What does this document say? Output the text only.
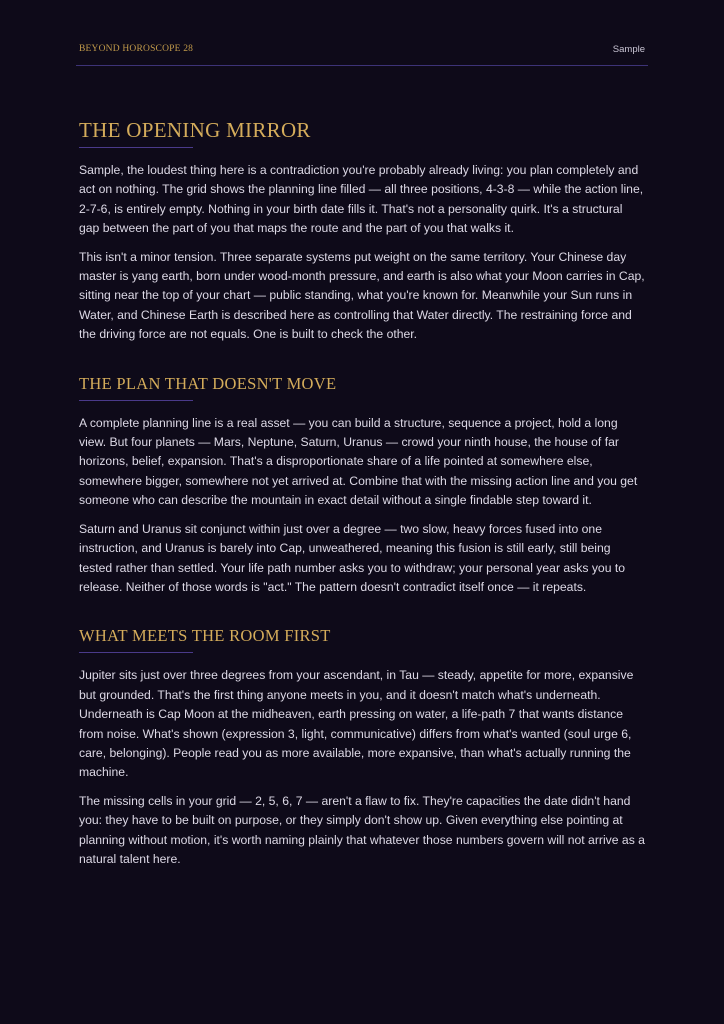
BEYOND HOROSCOPE 28	Sample
THE OPENING MIRROR

Sample, the loudest thing here is a contradiction you're probably already living: you plan completely and act on nothing. The grid shows the planning line filled — all three positions, 4-3-8 — while the action line, 2-7-6, is entirely empty. Nothing in your birth date fills it. That's not a personality quirk. It's a structural gap between the part of you that maps the route and the part of you that walks it.

This isn't a minor tension. Three separate systems put weight on the same territory. Your Chinese day master is yang earth, born under wood-month pressure, and earth is also what your Moon carries in Cap, sitting near the top of your chart — public standing, what you're known for. Meanwhile your Sun runs in Water, and Chinese Earth is described here as controlling that Water directly. The restraining force and the driving force are not equals. One is built to check the other.

THE PLAN THAT DOESN'T MOVE

A complete planning line is a real asset — you can build a structure, sequence a project, hold a long view. But four planets — Mars, Neptune, Saturn, Uranus — crowd your ninth house, the house of far horizons, belief, expansion. That's a disproportionate share of a life pointed at somewhere else, somewhere bigger, somewhere not yet arrived at. Combine that with the missing action line and you get someone who can describe the mountain in exact detail without a single findable step toward it.

Saturn and Uranus sit conjunct within just over a degree — two slow, heavy forces fused into one instruction, and Uranus is barely into Cap, unweathered, meaning this fusion is still early, still being tested rather than settled. Your life path number asks you to withdraw; your personal year asks you to release. Neither of those words is "act." The pattern doesn't contradict itself once — it repeats.

WHAT MEETS THE ROOM FIRST

Jupiter sits just over three degrees from your ascendant, in Tau — steady, appetite for more, expansive but grounded. That's the first thing anyone meets in you, and it doesn't match what's underneath. Underneath is Cap Moon at the midheaven, earth pressing on water, a life-path 7 that wants distance from noise. What's shown (expression 3, light, communicative) differs from what's wanted (soul urge 6, care, belonging). People read you as more available, more expansive, than what's actually running the machine.

The missing cells in your grid — 2, 5, 6, 7 — aren't a flaw to fix. They're capacities the date didn't hand you: they have to be built on purpose, or they simply don't show up. Given everything else pointing at planning without motion, it's worth naming plainly that whatever those numbers govern will not arrive as a natural talent here.
